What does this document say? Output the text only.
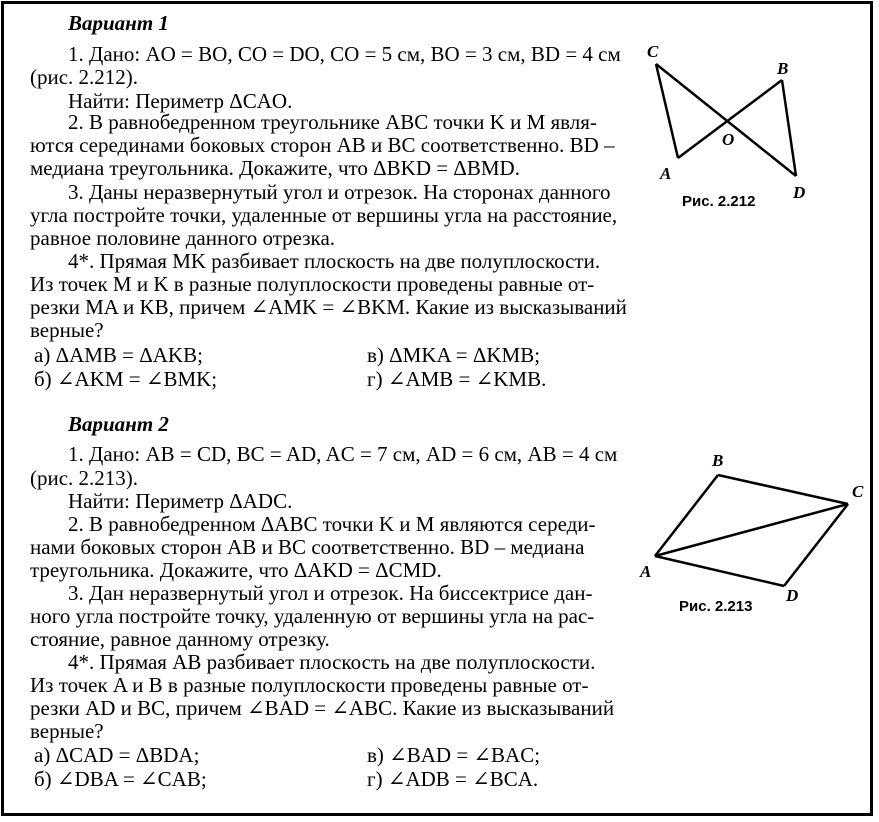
Вариант 1
1. Дано: AO = BO, CO = DO, CO = 5 см, BO = 3 см, BD = 4 см
(рис. 2.212).
Найти: Периметр ΔCAO.
2. В равнобедренном треугольнике ABC точки K и M явля-
ются серединами боковых сторон AB и BC соответственно. BD –
медиана треугольника. Докажите, что ΔBKD = ΔBMD.
3. Даны неразвернутый угол и отрезок. На сторонах данного
угла постройте точки, удаленные от вершины угла на расстояние,
равное половине данного отрезка.
4*. Прямая MK разбивает плоскость на две полуплоскости.
Из точек M и K в разные полуплоскости проведены равные от-
резки MA и KB, причем ∠AMK = ∠BKM. Какие из высказываний
верные?
а) ΔAMB = ΔAKB;	в) ΔMKA = ΔKMB;
б) ∠AKM = ∠BMK;	г) ∠AMB = ∠KMB.
Вариант 2
1. Дано: AB = CD, BC = AD, AC = 7 см, AD = 6 см, AB = 4 см
(рис. 2.213).
Найти: Периметр ΔADC.
2. В равнобедренном ΔABC точки K и M являются середи-
нами боковых сторон AB и BC соответственно. BD – медиана
треугольника. Докажите, что ΔAKD = ΔCMD.
3. Дан неразвернутый угол и отрезок. На биссектрисе дан-
ного угла постройте точку, удаленную от вершины угла на рас-
стояние, равное данному отрезку.
4*. Прямая AB разбивает плоскость на две полуплоскости.
Из точек A и B в разные полуплоскости проведены равные от-
резки AD и BC, причем ∠BAD = ∠ABC. Какие из высказываний
верные?
а) ΔCAD = ΔBDA;	в) ∠BAD = ∠BAC;
б) ∠DBA = ∠CAB;	г) ∠ADB = ∠BCA.
C
B
O
A
D
Рис. 2.212
B
C
A
D
Рис. 2.213
